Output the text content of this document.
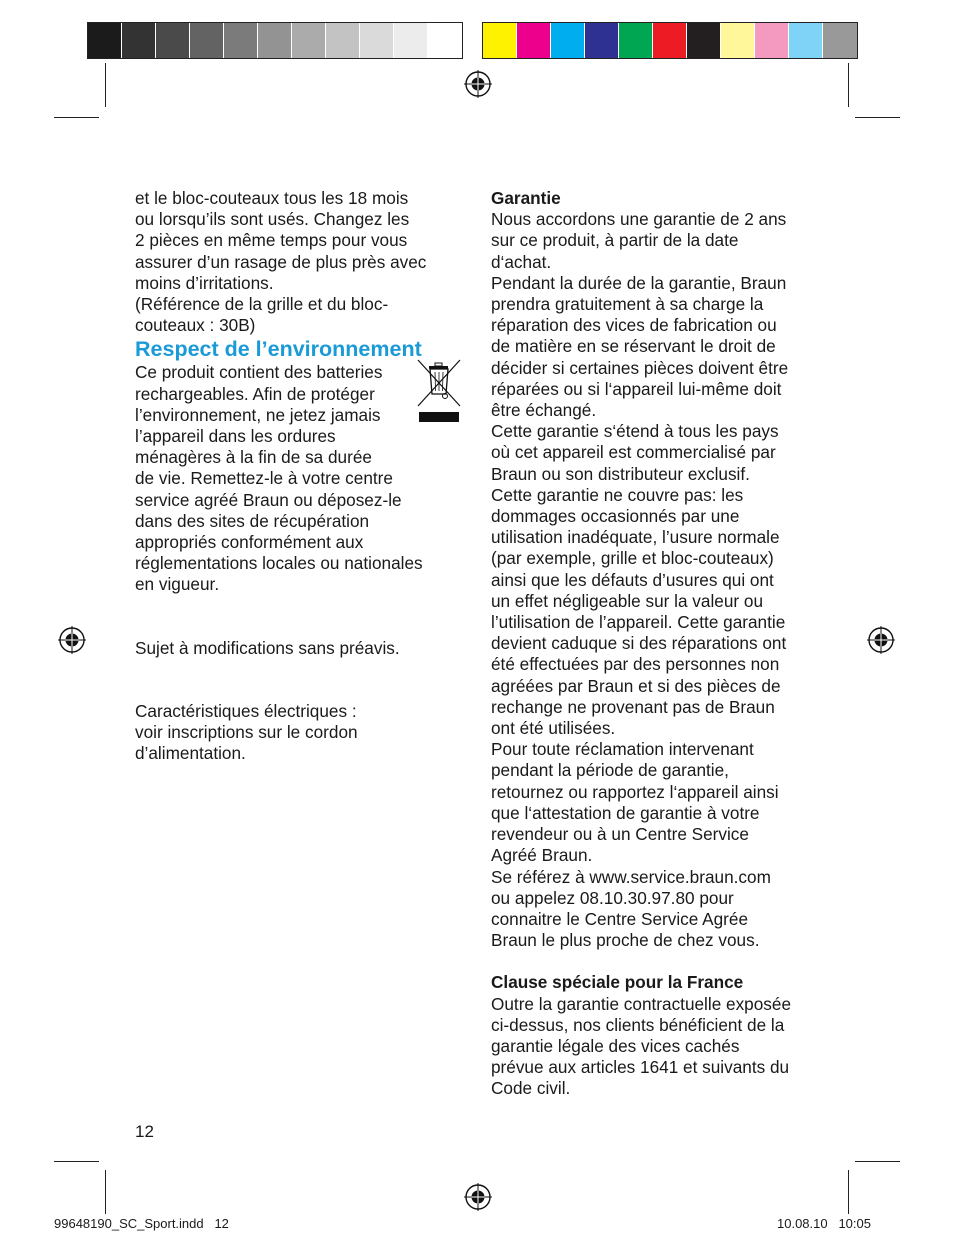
et le bloc-couteaux tous les 18 mois

ou lorsqu’ils sont usés. Changez les

2 pièces en même temps pour vous

assurer d’un rasage de plus près avec

moins d’irritations.

(Référence de la grille et du bloc-

couteaux : 30B)

Respect de l’environnement

Ce produit contient des batteries

rechargeables. Afin de protéger

l’environnement, ne jetez jamais

l’appareil dans les ordures

ménagères à la fin de sa durée

de vie. Remettez-le à votre centre

service agréé Braun ou déposez-le

dans des sites de récupération

appropriés conformément aux

réglementations locales ou nationales

en vigueur.

Sujet à modifications sans préavis.

Caractéristiques électriques :

voir inscriptions sur le cordon

d’alimentation.

Garantie

Nous accordons une garantie de 2 ans

sur ce produit, à partir de la date

d‘achat.

Pendant la durée de la garantie, Braun

prendra gratuitement à sa charge la

réparation des vices de fabrication ou

de matière en se réservant le droit de

décider si certaines pièces doivent être

réparées ou si l‘appareil lui-même doit

être échangé.

Cette garantie s‘étend à tous les pays

où cet appareil est commercialisé par

Braun ou son distributeur exclusif.

Cette garantie ne couvre pas: les

dommages occasionnés par une

utilisation inadéquate, l’usure normale

(par exemple, grille et bloc-couteaux)

ainsi que les défauts d’usures qui ont

un effet négligeable sur la valeur ou

l’utilisation de l’appareil. Cette garantie

devient caduque si des réparations ont

été effectuées par des personnes non

agréées par Braun et si des pièces de

rechange ne provenant pas de Braun

ont été utilisées.

Pour toute réclamation intervenant

pendant la période de garantie,

retournez ou rapportez l‘appareil ainsi

que l‘attestation de garantie à votre

revendeur ou à un Centre Service

Agréé Braun.

Se référez à www.service.braun.com

ou appelez 08.10.30.97.80 pour

connaitre le Centre Service Agrée

Braun le plus proche de chez vous.

Clause spéciale pour la France

Outre la garantie contractuelle exposée

ci-dessus, nos clients bénéficient de la

garantie légale des vices cachés

prévue aux articles 1641 et suivants du

Code civil.

12
99648190_SC_Sport.indd   12	10.08.10   10:05
